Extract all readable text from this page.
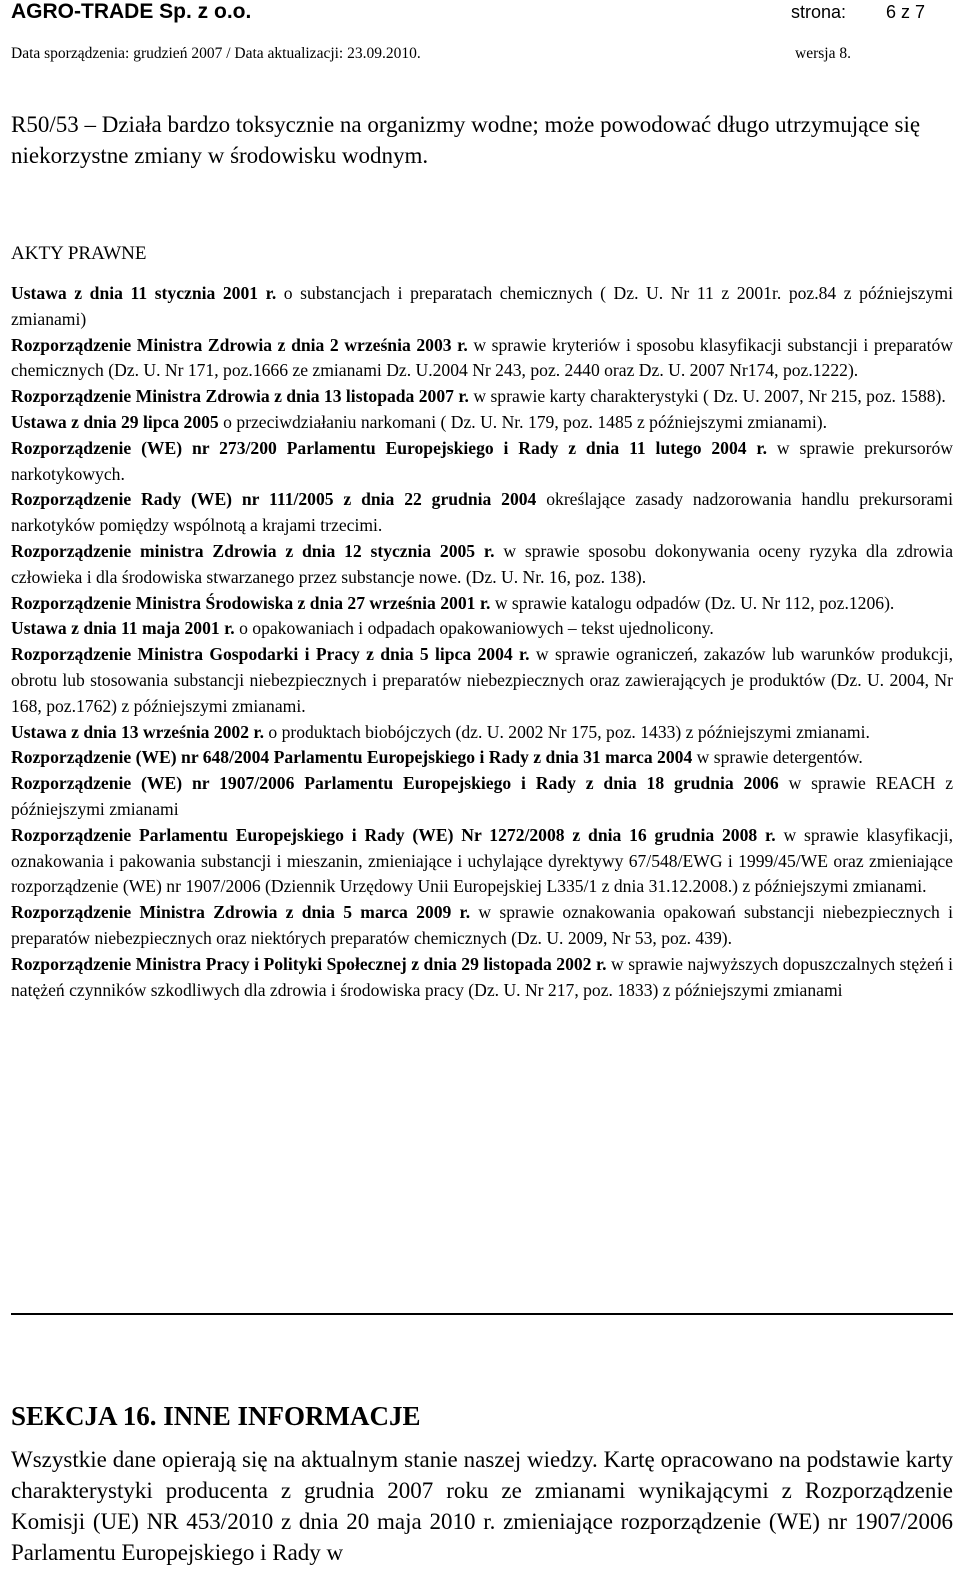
AGRO-TRADE Sp. z o.o.	strona: 6 z 7
Data sporządzenia: grudzień 2007 / Data aktualizacji: 23.09.2010.	wersja 8.
R50/53 – Działa bardzo toksycznie na organizmy wodne; może powodować długo utrzymujące się niekorzystne zmiany w środowisku wodnym.
AKTY PRAWNE

Ustawa z dnia 11 stycznia 2001 r. o substancjach i preparatach chemicznych ( Dz. U. Nr 11 z 2001r. poz.84 z późniejszymi zmianami)

Rozporządzenie Ministra Zdrowia z dnia 2 września 2003 r. w sprawie kryteriów i sposobu klasyfikacji substancji i preparatów chemicznych (Dz. U. Nr 171, poz.1666 ze zmianami Dz. U.2004 Nr 243, poz. 2440 oraz Dz. U. 2007 Nr174, poz.1222).

Rozporządzenie Ministra Zdrowia z dnia 13 listopada 2007 r. w sprawie karty charakterystyki ( Dz. U. 2007, Nr 215, poz. 1588).

Ustawa z dnia 29 lipca 2005 o przeciwdziałaniu narkomani ( Dz. U. Nr. 179, poz. 1485 z późniejszymi zmianami).

Rozporządzenie (WE) nr 273/200 Parlamentu Europejskiego i Rady z dnia 11 lutego 2004 r. w sprawie prekursorów narkotykowych.

Rozporządzenie Rady (WE) nr 111/2005 z dnia 22 grudnia 2004 określające zasady nadzorowania handlu prekursorami narkotyków pomiędzy wspólnotą a krajami trzecimi.

Rozporządzenie ministra Zdrowia z dnia 12 stycznia 2005 r. w sprawie sposobu dokonywania oceny ryzyka dla zdrowia człowieka i dla środowiska stwarzanego przez substancje nowe. (Dz. U. Nr. 16, poz. 138).

Rozporządzenie Ministra Środowiska z dnia 27 września 2001 r. w sprawie katalogu odpadów (Dz. U. Nr 112, poz.1206).

Ustawa z dnia 11 maja 2001 r. o opakowaniach i odpadach opakowaniowych – tekst ujednolicony.

Rozporządzenie Ministra Gospodarki i Pracy z dnia 5 lipca 2004 r. w sprawie ograniczeń, zakazów lub warunków produkcji, obrotu lub stosowania substancji niebezpiecznych i preparatów niebezpiecznych oraz zawierających je produktów (Dz. U. 2004, Nr 168, poz.1762) z późniejszymi zmianami.

Ustawa z dnia 13 września 2002 r. o produktach biobójczych (dz. U. 2002 Nr 175, poz. 1433) z późniejszymi zmianami.

Rozporządzenie (WE) nr 648/2004 Parlamentu Europejskiego i Rady z dnia 31 marca 2004 w sprawie detergentów.

Rozporządzenie (WE) nr 1907/2006 Parlamentu Europejskiego i Rady z dnia 18 grudnia 2006 w sprawie REACH z późniejszymi zmianami

Rozporządzenie Parlamentu Europejskiego i Rady (WE) Nr 1272/2008 z dnia 16 grudnia 2008 r. w sprawie klasyfikacji, oznakowania i pakowania substancji i mieszanin, zmieniające i uchylające dyrektywy 67/548/EWG i 1999/45/WE oraz zmieniające rozporządzenie (WE) nr 1907/2006 (Dziennik Urzędowy Unii Europejskiej L335/1 z dnia 31.12.2008.) z późniejszymi zmianami.

Rozporządzenie Ministra Zdrowia z dnia 5 marca 2009 r. w sprawie oznakowania opakowań substancji niebezpiecznych i preparatów niebezpiecznych oraz niektórych preparatów chemicznych (Dz. U. 2009, Nr 53, poz. 439).

Rozporządzenie Ministra Pracy i Polityki Społecznej z dnia 29 listopada 2002 r. w sprawie najwyższych dopuszczalnych stężeń i natężeń czynników szkodliwych dla zdrowia i środowiska pracy (Dz. U. Nr 217, poz. 1833) z późniejszymi zmianami

SEKCJA 16. INNE INFORMACJE

Wszystkie dane opierają się na aktualnym stanie naszej wiedzy. Kartę opracowano na podstawie karty charakterystyki producenta z grudnia 2007 roku ze zmianami wynikającymi z Rozporządzenie Komisji (UE) NR 453/2010 z dnia 20 maja 2010 r. zmieniające rozporządzenie (WE) nr 1907/2006 Parlamentu Europejskiego i Rady w
